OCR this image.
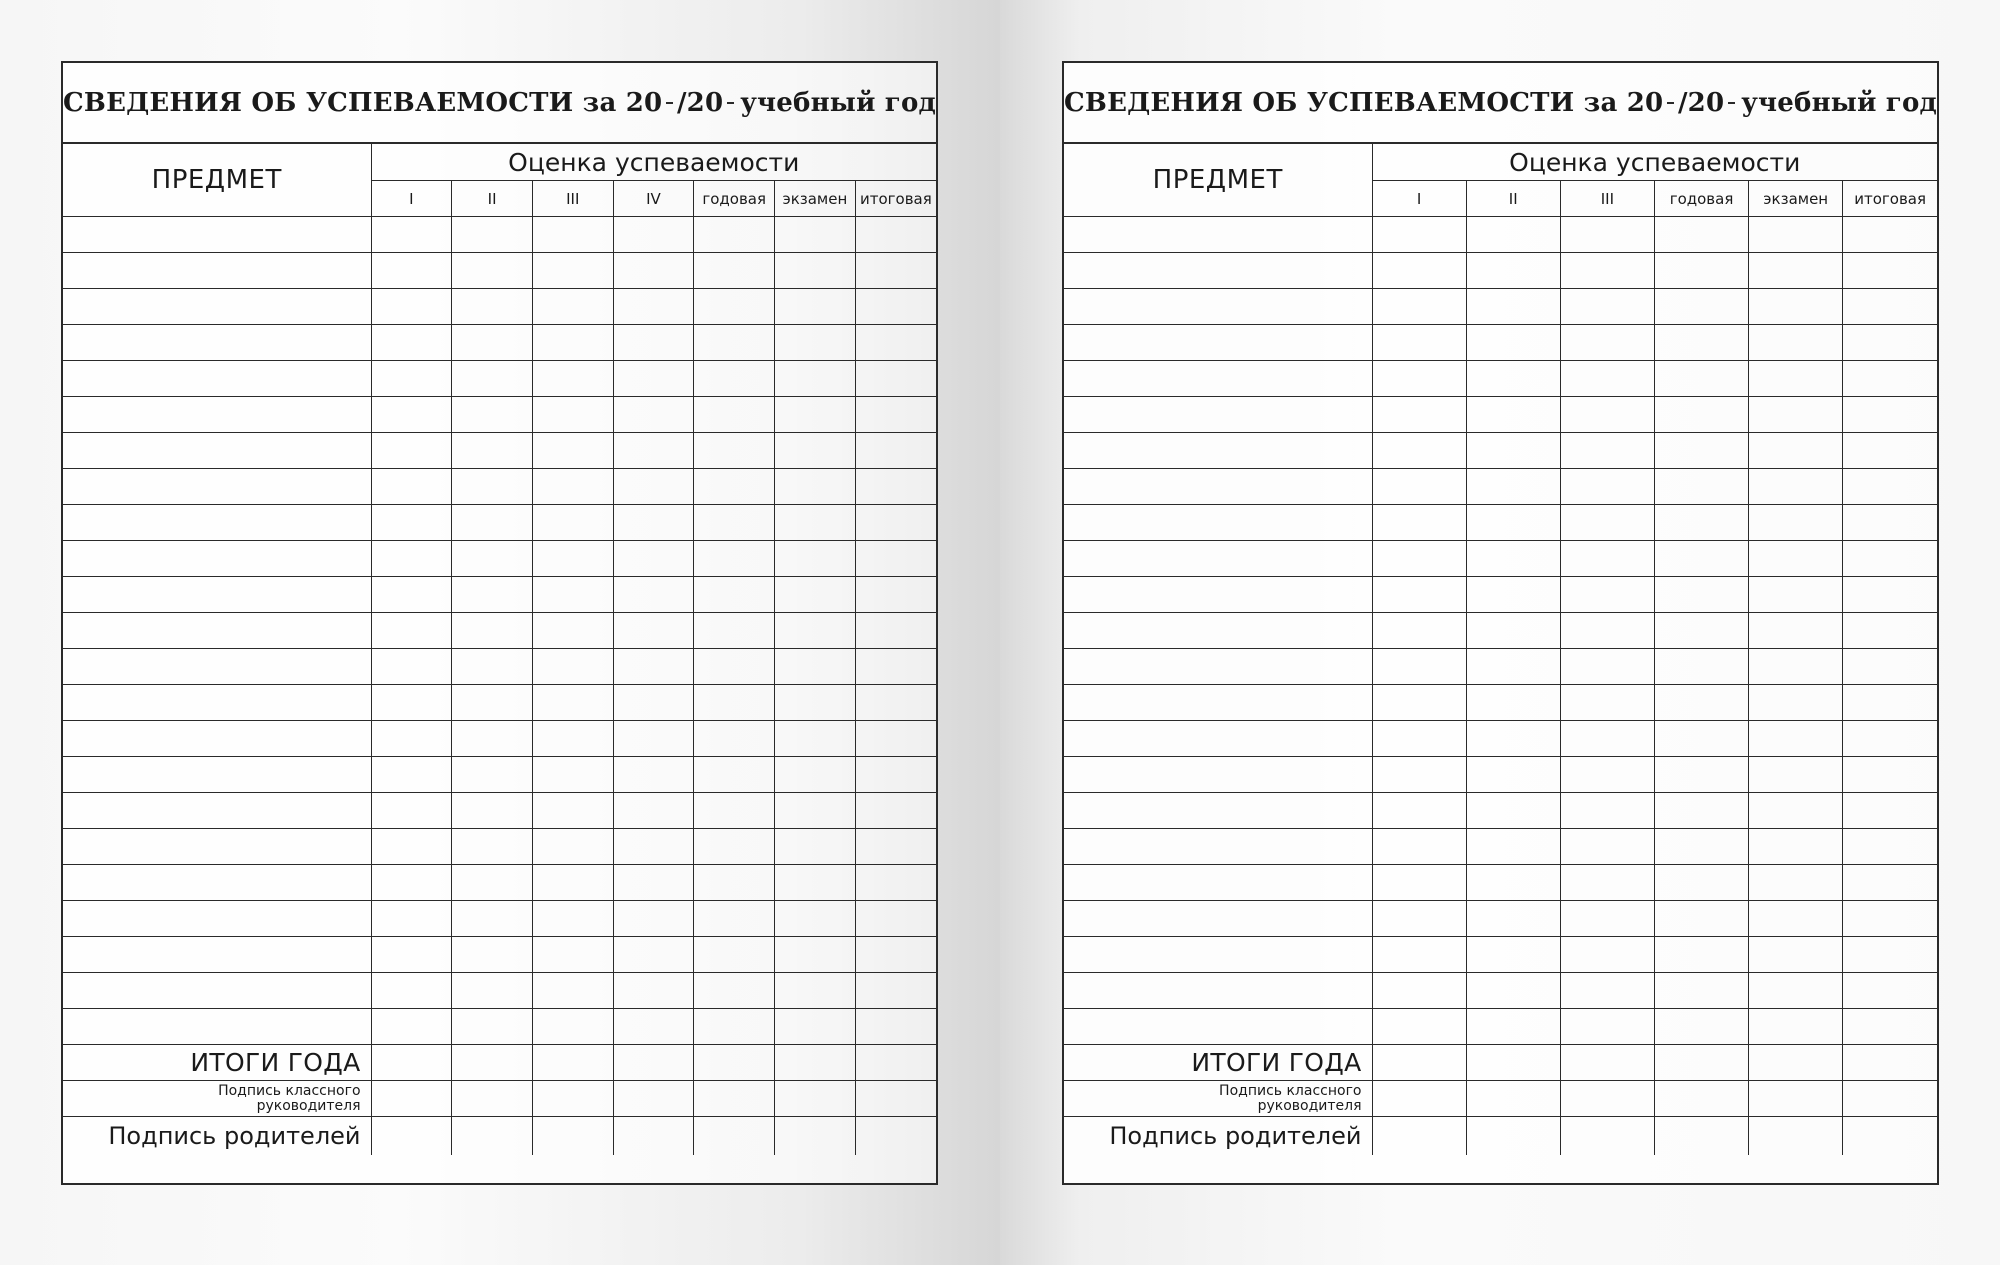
СВЕДЕНИЯ ОБ УСПЕВАЕМОСТИ за 20 /20 учебный год
ПРЕДМЕТ	Оценка успеваемости						
	I	II	III	IV	годовая	экзамен	итоговая

ИТОГИ ГОДА							

Подпись классного
руководителя							

Подпись родителей							
СВЕДЕНИЯ ОБ УСПЕВАЕМОСТИ за 20 /20 учебный год
ПРЕДМЕТ	Оценка успеваемости					
	I	II	III	годовая	экзамен	итоговая

ИТОГИ ГОДА						

Подпись классного
руководителя						

Подпись родителей						
